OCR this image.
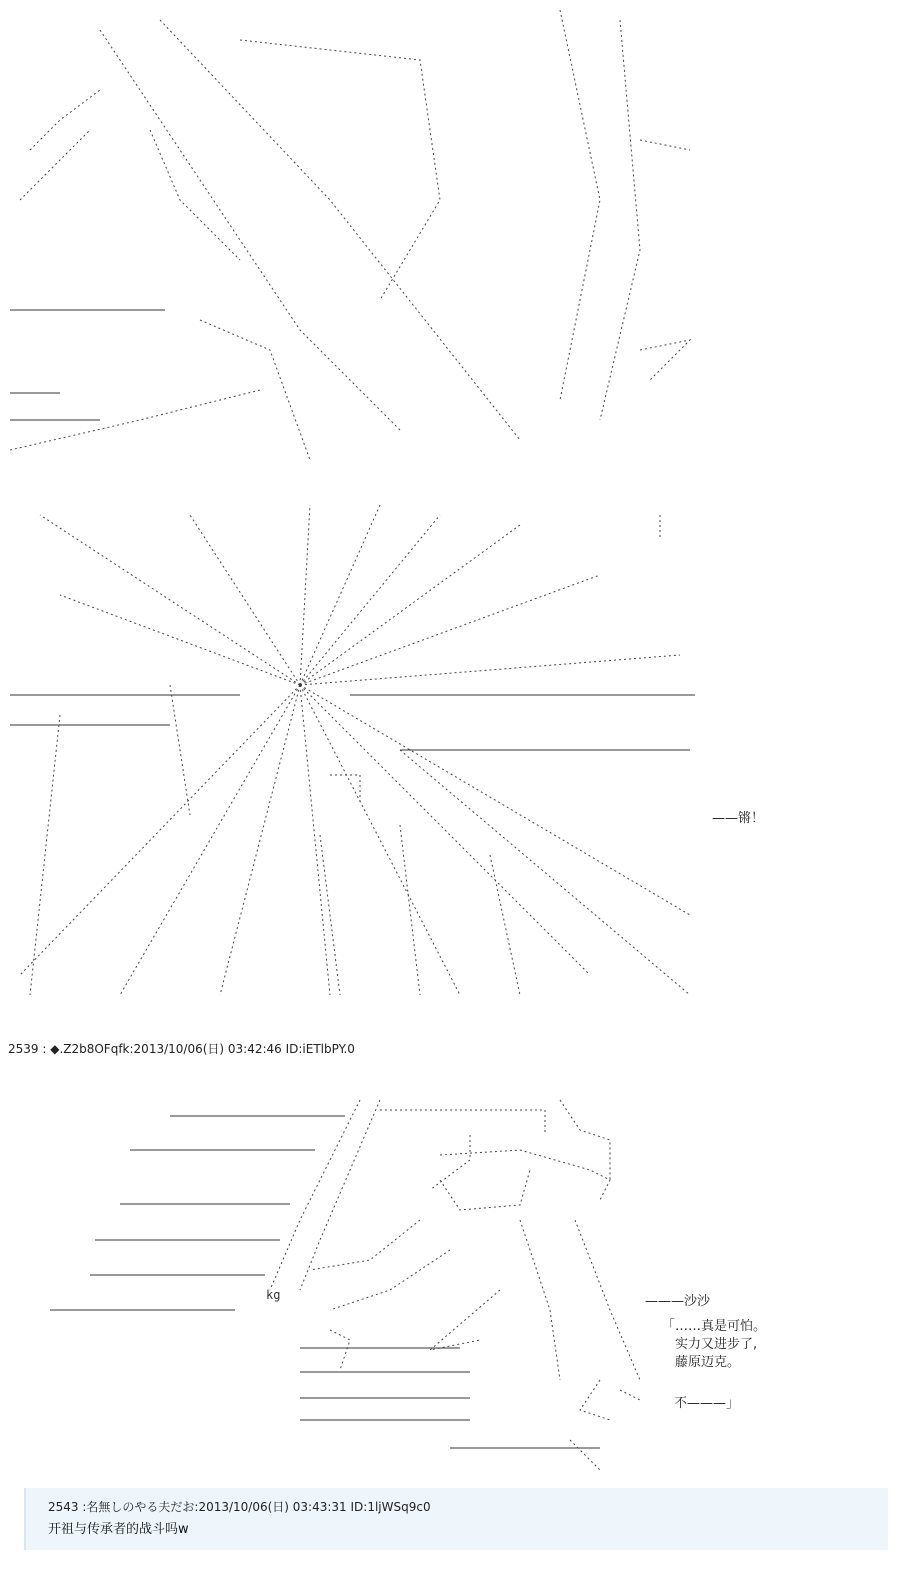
——锵！
2539 : ◆.Z2b8OFqfk:2013/10/06(日) 03:42:46 ID:iETlbPY.0
kg	———沙沙
「……真是可怕。
　实力又进步了,
　藤原迈克。
不———」
2543 :名無しのやる夫だお:2013/10/06(日) 03:43:31 ID:1ljWSq9c0
开祖与传承者的战斗吗w
